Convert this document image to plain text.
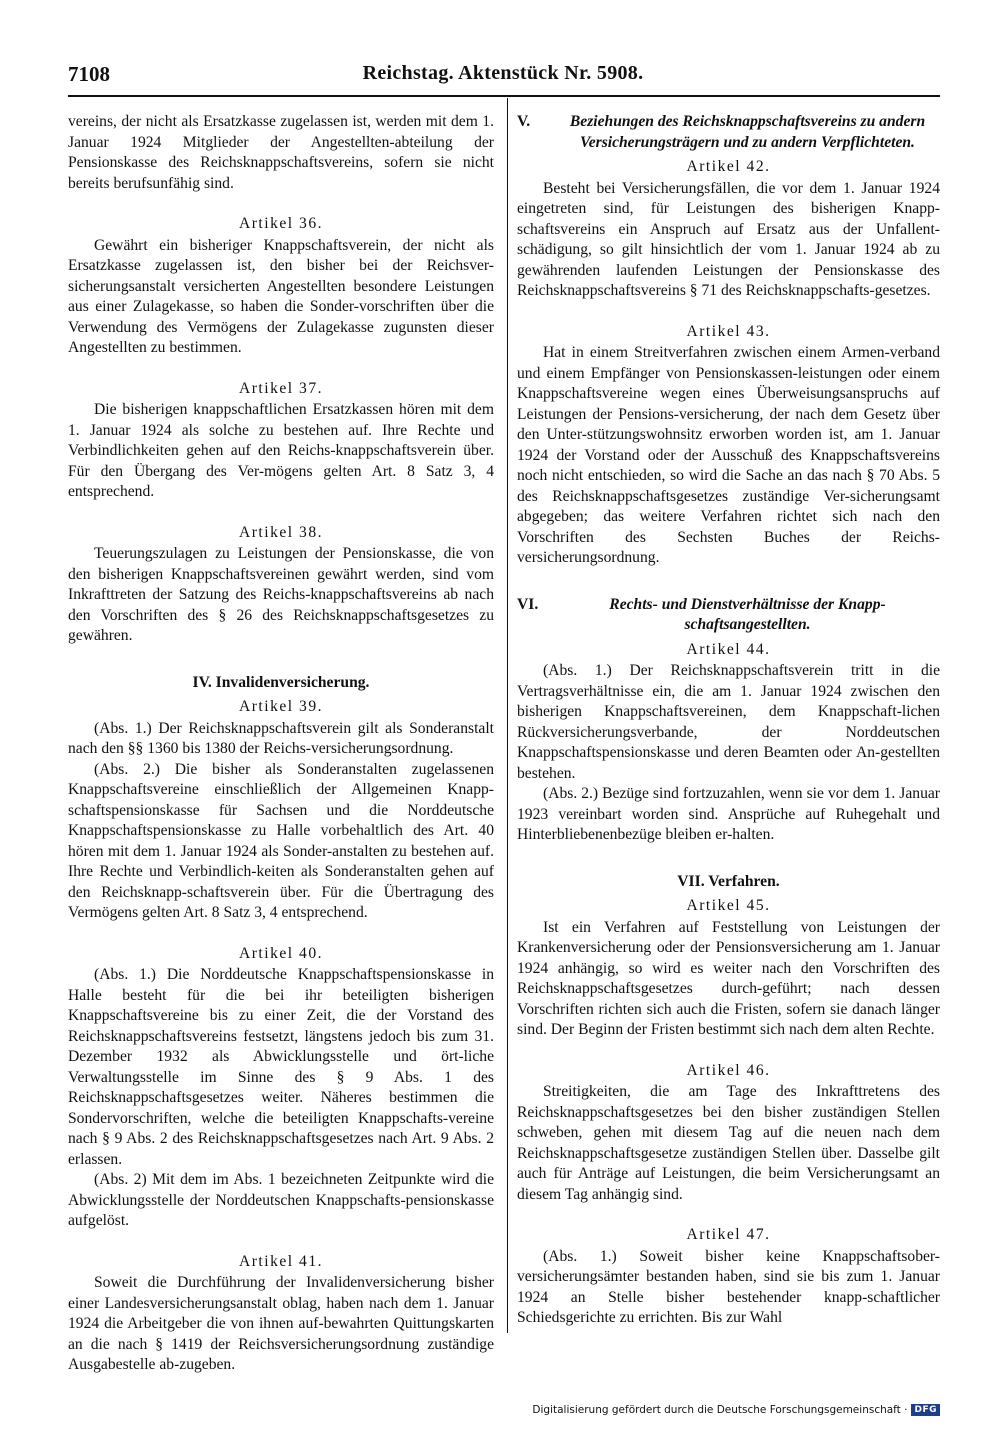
7108	Reichstag. Aktenstück Nr. 5908.

vereins, der nicht als Ersatzkasse zugelassen ist, werden mit dem 1. Januar 1924 Mitglieder der Angestellten-abteilung der Pensionskasse des Reichsknappschaftsvereins, sofern sie nicht bereits berufsunfähig sind.

Artikel 36.

Gewährt ein bisheriger Knappschaftsverein, der nicht als Ersatzkasse zugelassen ist, den bisher bei der Reichsver-sicherungsanstalt versicherten Angestellten besondere Leistungen aus einer Zulagekasse, so haben die Sonder-vorschriften über die Verwendung des Vermögens der Zulagekasse zugunsten dieser Angestellten zu bestimmen.

Artikel 37.

Die bisherigen knappschaftlichen Ersatzkassen hören mit dem 1. Januar 1924 als solche zu bestehen auf. Ihre Rechte und Verbindlichkeiten gehen auf den Reichs-knappschaftsverein über. Für den Übergang des Ver-mögens gelten Art. 8 Satz 3, 4 entsprechend.

Artikel 38.

Teuerungszulagen zu Leistungen der Pensionskasse, die von den bisherigen Knappschaftsvereinen gewährt werden, sind vom Inkrafttreten der Satzung des Reichs-knappschaftsvereins ab nach den Vorschriften des § 26 des Reichsknappschaftsgesetzes zu gewähren.

IV. Invalidenversicherung.

Artikel 39.

(Abs. 1.) Der Reichsknappschaftsverein gilt als Sonderanstalt nach den §§ 1360 bis 1380 der Reichs-versicherungsordnung.

(Abs. 2.) Die bisher als Sonderanstalten zugelassenen Knappschaftsvereine einschließlich der Allgemeinen Knapp-schaftspensionskasse für Sachsen und die Norddeutsche Knappschaftspensionskasse zu Halle vorbehaltlich des Art. 40 hören mit dem 1. Januar 1924 als Sonder-anstalten zu bestehen auf. Ihre Rechte und Verbindlich-keiten als Sonderanstalten gehen auf den Reichsknapp-schaftsverein über. Für die Übertragung des Vermögens gelten Art. 8 Satz 3, 4 entsprechend.

Artikel 40.

(Abs. 1.) Die Norddeutsche Knappschaftspensionskasse in Halle besteht für die bei ihr beteiligten bisherigen Knappschaftsvereine bis zu einer Zeit, die der Vorstand des Reichsknappschaftsvereins festsetzt, längstens jedoch bis zum 31. Dezember 1932 als Abwicklungsstelle und ört-liche Verwaltungsstelle im Sinne des § 9 Abs. 1 des Reichsknappschaftsgesetzes weiter. Näheres bestimmen die Sondervorschriften, welche die beteiligten Knappschafts-vereine nach § 9 Abs. 2 des Reichsknappschaftsgesetzes nach Art. 9 Abs. 2 erlassen.

(Abs. 2) Mit dem im Abs. 1 bezeichneten Zeitpunkte wird die Abwicklungsstelle der Norddeutschen Knappschafts-pensionskasse aufgelöst.

Artikel 41.

Soweit die Durchführung der Invalidenversicherung bisher einer Landesversicherungsanstalt oblag, haben nach dem 1. Januar 1924 die Arbeitgeber die von ihnen auf-bewahrten Quittungskarten an die nach § 1419 der Reichsversicherungsordnung zuständige Ausgabestelle ab-zugeben.

V.	Beziehungen des Reichsknappschaftsvereins zu andern Versicherungsträgern und zu andern Verpflichteten.

Artikel 42.

Besteht bei Versicherungsfällen, die vor dem 1. Januar 1924 eingetreten sind, für Leistungen des bisherigen Knapp-schaftsvereins ein Anspruch auf Ersatz aus der Unfallent-schädigung, so gilt hinsichtlich der vom 1. Januar 1924 ab zu gewährenden laufenden Leistungen der Pensionskasse des Reichsknappschaftsvereins § 71 des Reichsknappschafts-gesetzes.

Artikel 43.

Hat in einem Streitverfahren zwischen einem Armen-verband und einem Empfänger von Pensionskassen-leistungen oder einem Knappschaftsvereine wegen eines Überweisungsanspruchs auf Leistungen der Pensions-versicherung, der nach dem Gesetz über den Unter-stützungswohnsitz erworben worden ist, am 1. Januar 1924 der Vorstand oder der Ausschuß des Knappschaftsvereins noch nicht entschieden, so wird die Sache an das nach § 70 Abs. 5 des Reichsknappschaftsgesetzes zuständige Ver-sicherungsamt abgegeben; das weitere Verfahren richtet sich nach den Vorschriften des Sechsten Buches der Reichs-versicherungsordnung.

VI.	Rechts- und Dienstverhältnisse der Knapp-schaftsangestellten.

Artikel 44.

(Abs. 1.) Der Reichsknappschaftsverein tritt in die Vertragsverhältnisse ein, die am 1. Januar 1924 zwischen den bisherigen Knappschaftsvereinen, dem Knappschaft-lichen Rückversicherungsverbande, der Norddeutschen Knappschaftspensionskasse und deren Beamten oder An-gestellten bestehen.

(Abs. 2.) Bezüge sind fortzuzahlen, wenn sie vor dem 1. Januar 1923 vereinbart worden sind. Ansprüche auf Ruhegehalt und Hinterbliebenenbezüge bleiben er-halten.

VII. Verfahren.

Artikel 45.

Ist ein Verfahren auf Feststellung von Leistungen der Krankenversicherung oder der Pensionsversicherung am 1. Januar 1924 anhängig, so wird es weiter nach den Vorschriften des Reichsknappschaftsgesetzes durch-geführt; nach dessen Vorschriften richten sich auch die Fristen, sofern sie danach länger sind. Der Beginn der Fristen bestimmt sich nach dem alten Rechte.

Artikel 46.

Streitigkeiten, die am Tage des Inkrafttretens des Reichsknappschaftsgesetzes bei den bisher zuständigen Stellen schweben, gehen mit diesem Tag auf die neuen nach dem Reichsknappschaftsgesetze zuständigen Stellen über. Dasselbe gilt auch für Anträge auf Leistungen, die beim Versicherungsamt an diesem Tag anhängig sind.

Artikel 47.

(Abs. 1.) Soweit bisher keine Knappschaftsober-versicherungsämter bestanden haben, sind sie bis zum 1. Januar 1924 an Stelle bisher bestehender knapp-schaftlicher Schiedsgerichte zu errichten. Bis zur Wahl

Digitalisierung gefördert durch die Deutsche Forschungsgemeinschaft · DFG
